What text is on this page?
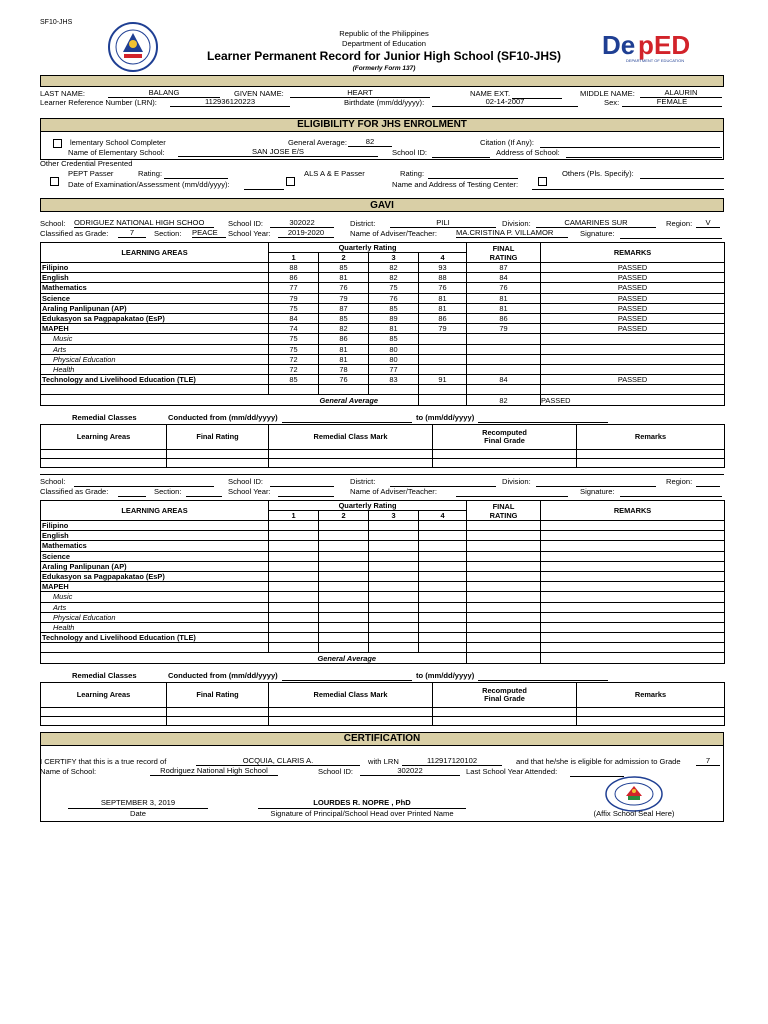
SF10-JHS
Republic of the Philippines
Department of Education
Learner Permanent Record for Junior High School (SF10-JHS)
(Formerly Form 137)
De p ED
DEPARTMENT OF EDUCATION
LAST NAME:	BALANG	GIVEN NAME:	HEART	NAME EXT.	MIDDLE NAME:	ALAURIN
Learner Reference Number (LRN):	112936120223	Birthdate (mm/dd/yyyy):	02-14-2007	Sex:	FEMALE
ELIGIBILITY FOR JHS ENROLMENT
lementary School Completer	General Average:	82	Citation (If Any):
Name of Elementary School:	SAN JOSE E/S	School ID:	Address of School:
Other Credential Presented
PEPT Passer	Rating:	ALS A & E Passer	Rating:	Others (Pls. Specify):
Date of Examination/Assessment (mm/dd/yyyy):	Name and Address of Testing Center:
GAVI
School: ODRIGUEZ NATIONAL HIGH SCHOO	School ID:	302022	District:	PILI	Division:	CAMARINES SUR	Region:	V
Classified as Grade:	7	Section: PEACE	School Year:	2019-2020	Name of Adviser/Teacher:	MA.CRISTINA P. VILLAMOR	Signature:
LEARNING AREAS	Quarterly Rating				FINAL
RATING	REMARKS
	1	2	3	4		
Filipino	88	85	82	93	87	PASSED
English	86	81	82	88	84	PASSED
Mathematics	77	76	75	76	76	PASSED
Science	79	79	76	81	81	PASSED
Araling Panlipunan (AP)	75	87	85	81	81	PASSED
Edukasyon sa Pagpapakatao (EsP)	84	85	89	86	86	PASSED
MAPEH	74	82	81	79	79	PASSED
Music	75	86	85			
Arts	75	81	80			
Physical Education	72	81	80			
Health	72	78	77			
Technology and Livelihood Education (TLE)	85	76	83	91	84	PASSED

General Average					82	PASSED
Remedial Classes	Conducted from (mm/dd/yyyy)	to (mm/dd/yyyy)
Learning Areas	Final Rating	Remedial Class Mark	Recomputed
Final Grade	Remarks

School:	School ID:	District:	Division:	Region:
Classified as Grade:	Section:	School Year:	Name of Adviser/Teacher:	Signature:
LEARNING AREAS	Quarterly Rating				FINAL
RATING	REMARKS
	1	2	3	4		
Filipino						
English						
Mathematics						
Science						
Araling Panlipunan (AP)						
Edukasyon sa Pagpapakatao (EsP)						
MAPEH						
Music						
Arts						
Physical Education						
Health						
Technology and Livelihood Education (TLE)						

General Average						
Remedial Classes	Conducted from (mm/dd/yyyy)	to (mm/dd/yyyy)
Learning Areas	Final Rating	Remedial Class Mark	Recomputed
Final Grade	Remarks

CERTIFICATION
I CERTIFY that this is a true record of	OCQUIA, CLARIS A.	with LRN	112917120102	and that he/she is eligible for admission to Grade	7
Name of School:	Rodriguez National High School	School ID:	302022	Last School Year Attended:
SEPTEMBER 3, 2019
Date
LOURDES R. NOPRE , PhD
Signature of Principal/School Head over Printed Name	(Affix School Seal Here)
